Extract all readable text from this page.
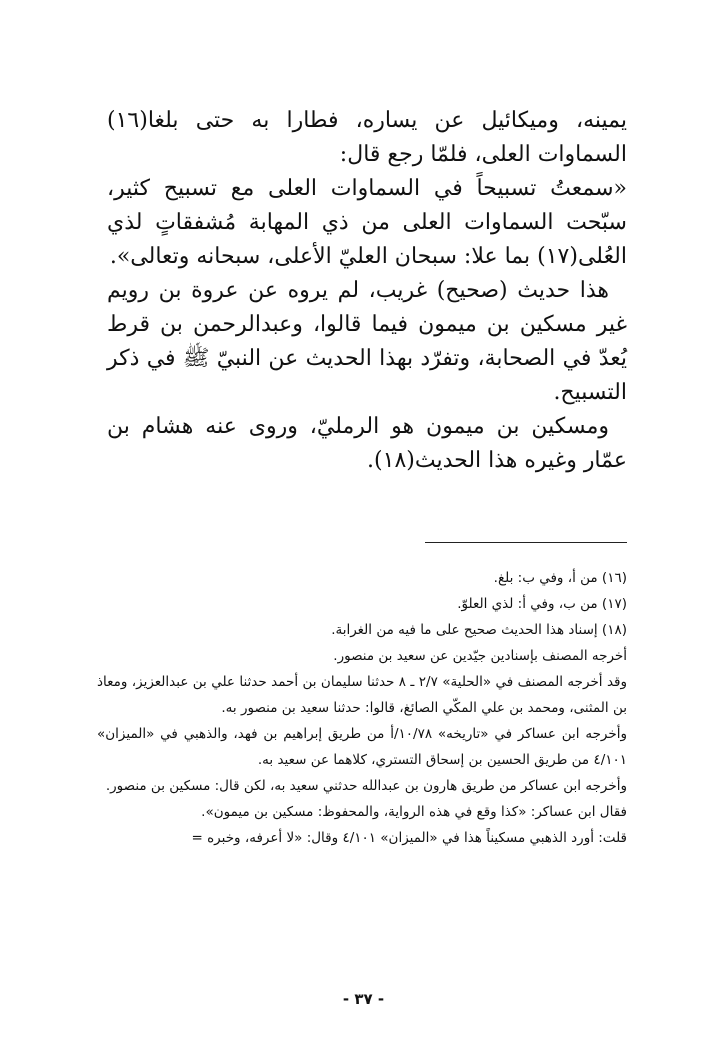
يمينه، وميكائيل عن يساره، فطارا به حتى بلغا(١٦) السماوات العلى، فلمّا رجع قال:

«سمعتُ تسبيحاً في السماوات العلى مع تسبيح كثير، سبّحت السماوات العلى من ذي المهابة مُشفقاتٍ لذي العُلى(١٧) بما علا: سبحان العليّ الأعلى، سبحانه وتعالى».

هذا حديث (صحيح) غريب، لم يروه عن عروة بن رويم غير مسكين بن ميمون فيما قالوا، وعبدالرحمن بن قرط يُعدّ في الصحابة، وتفرّد بهذا الحديث عن النبيّ ﷺ في ذكر التسبيح.

ومسكين بن ميمون هو الرمليّ، وروى عنه هشام بن عمّار وغيره هذا الحديث(١٨).

(١٦) من أ، وفي ب: بلغ.

(١٧) من ب، وفي أ: لذي العلوّ.

(١٨) إسناد هذا الحديث صحيح على ما فيه من الغرابة.

أخرجه المصنف بإسنادين جيّدين عن سعيد بن منصور.

وقد أخرجه المصنف في «الحلية» ٢/٧ ـ ٨ حدثنا سليمان بن أحمد حدثنا علي بن عبدالعزيز، ومعاذ بن المثنى، ومحمد بن علي المكّي الصائغ، قالوا: حدثنا سعيد بن منصور به.

وأخرجه ابن عساكر في «تاريخه» ١٠/٧٨/أ من طريق إبراهيم بن فهد، والذهبي في «الميزان» ٤/١٠١ من طريق الحسين بن إسحاق التستري، كلاهما عن سعيد به.

وأخرجه ابن عساكر من طريق هارون بن عبدالله حدثني سعيد به، لكن قال: مسكين بن منصور.

فقال ابن عساكر: «كذا وقع في هذه الرواية، والمحفوظ: مسكين بن ميمون».

قلت: أورد الذهبي مسكيناً هذا في «الميزان» ٤/١٠١ وقال: «لا أعرفه، وخبره =

- ٣٧ -
